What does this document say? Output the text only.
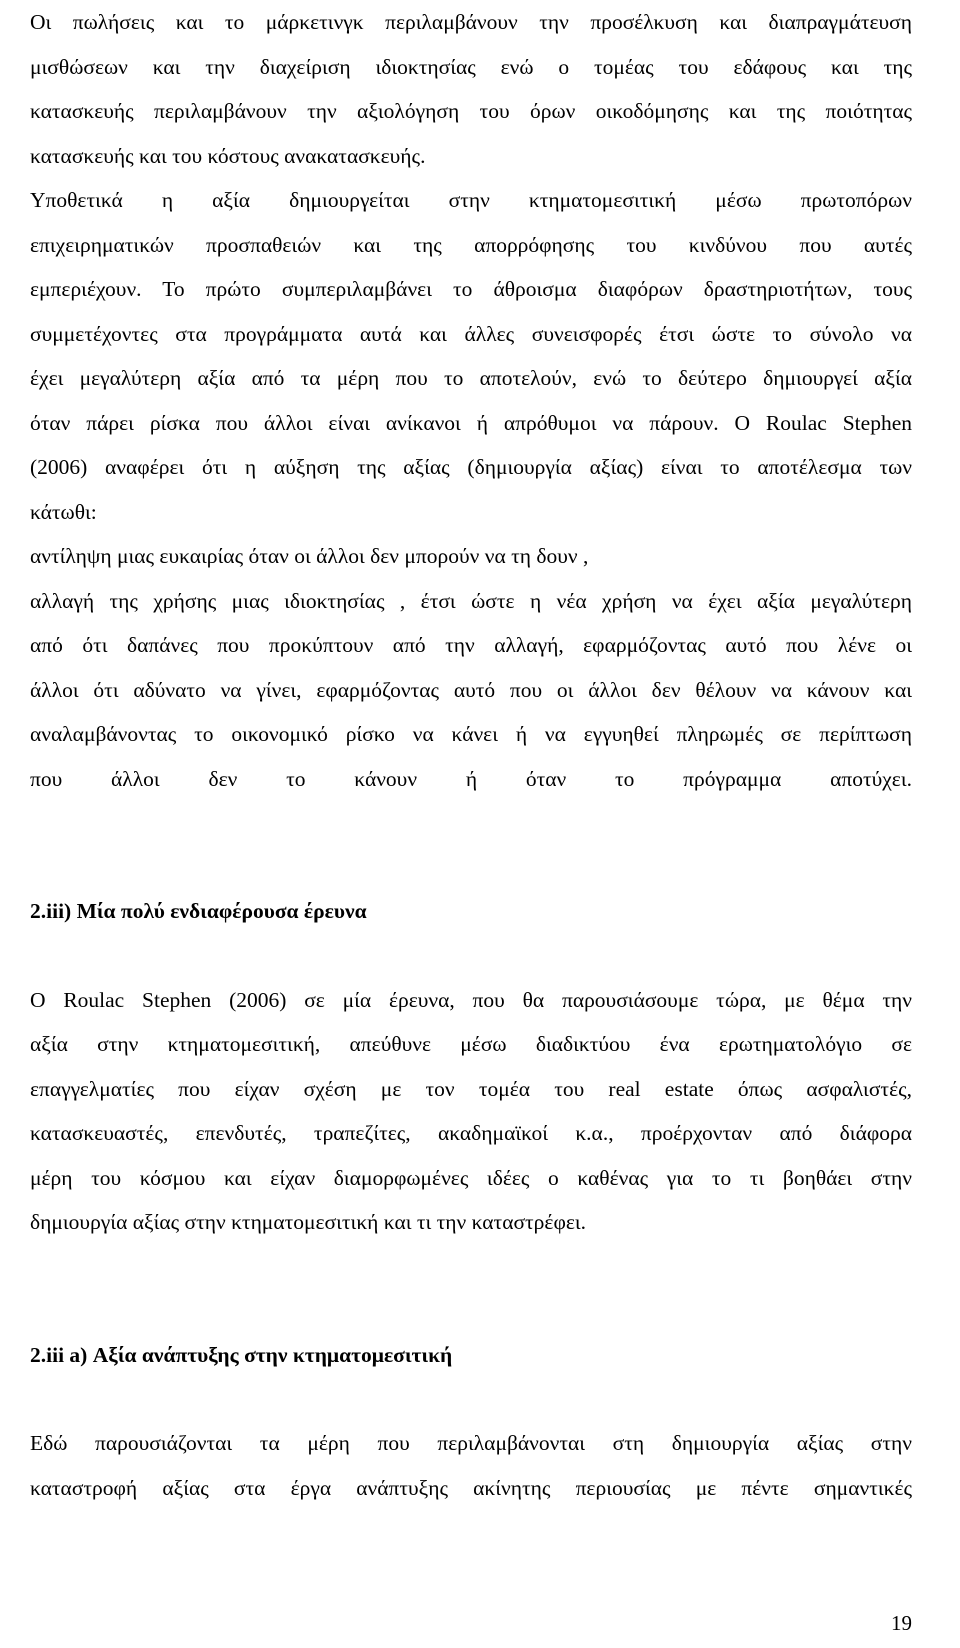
Οι πωλήσεις και το μάρκετινγκ περιλαμβάνουν την προσέλκυση και διαπραγμάτευση
μισθώσεων και την διαχείριση ιδιοκτησίας ενώ ο τομέας του εδάφους και της
κατασκευής περιλαμβάνουν την αξιολόγηση του όρων οικοδόμησης και της ποιότητας
κατασκευής και του κόστους ανακατασκευής.
Υποθετικά η αξία δημιουργείται στην κτηματομεσιτική μέσω πρωτοπόρων
επιχειρηματικών προσπαθειών και της απορρόφησης του κινδύνου που αυτές
εμπεριέχουν. Το πρώτο συμπεριλαμβάνει το άθροισμα διαφόρων δραστηριοτήτων, τους
συμμετέχοντες στα προγράμματα αυτά και άλλες συνεισφορές έτσι ώστε το σύνολο να
έχει μεγαλύτερη αξία από τα μέρη που το αποτελούν, ενώ το δεύτερο δημιουργεί αξία
όταν πάρει ρίσκα που άλλοι είναι ανίκανοι ή απρόθυμοι να πάρουν. O Roulac Stephen
(2006) αναφέρει ότι η αύξηση της αξίας (δημιουργία αξίας) είναι το αποτέλεσμα των
κάτωθι:
αντίληψη μιας ευκαιρίας όταν οι άλλοι δεν μπορούν να τη δουν ,
αλλαγή της χρήσης μιας ιδιοκτησίας , έτσι ώστε η νέα χρήση να έχει αξία μεγαλύτερη
από ότι δαπάνες που προκύπτουν από την αλλαγή, εφαρμόζοντας αυτό που λένε οι
άλλοι ότι αδύνατο να γίνει, εφαρμόζοντας αυτό που οι άλλοι δεν θέλουν να κάνουν και
αναλαμβάνοντας το οικονομικό ρίσκο να κάνει ή να εγγυηθεί πληρωμές σε περίπτωση
που άλλοι δεν το κάνουν ή όταν το πρόγραμμα αποτύχει.
2.iii) Μία πολύ ενδιαφέρουσα έρευνα
O Roulac Stephen (2006) σε μία έρευνα, που θα παρουσιάσουμε τώρα, με θέμα την
αξία στην κτηματομεσιτική, απεύθυνε μέσω διαδικτύου ένα ερωτηματολόγιο σε
επαγγελματίες που είχαν σχέση με τον τομέα του real estate όπως ασφαλιστές,
κατασκευαστές, επενδυτές, τραπεζίτες, ακαδημαϊκοί κ.α., προέρχονταν από διάφορα
μέρη του κόσμου και είχαν διαμορφωμένες ιδέες ο καθένας για το τι βοηθάει στην
δημιουργία αξίας στην κτηματομεσιτική και τι την καταστρέφει.
2.iii a) Αξία ανάπτυξης στην κτηματομεσιτική
Εδώ παρουσιάζονται τα μέρη που περιλαμβάνονται στη δημιουργία αξίας στην
καταστροφή αξίας στα έργα ανάπτυξης ακίνητης περιουσίας με πέντε σημαντικές
19
